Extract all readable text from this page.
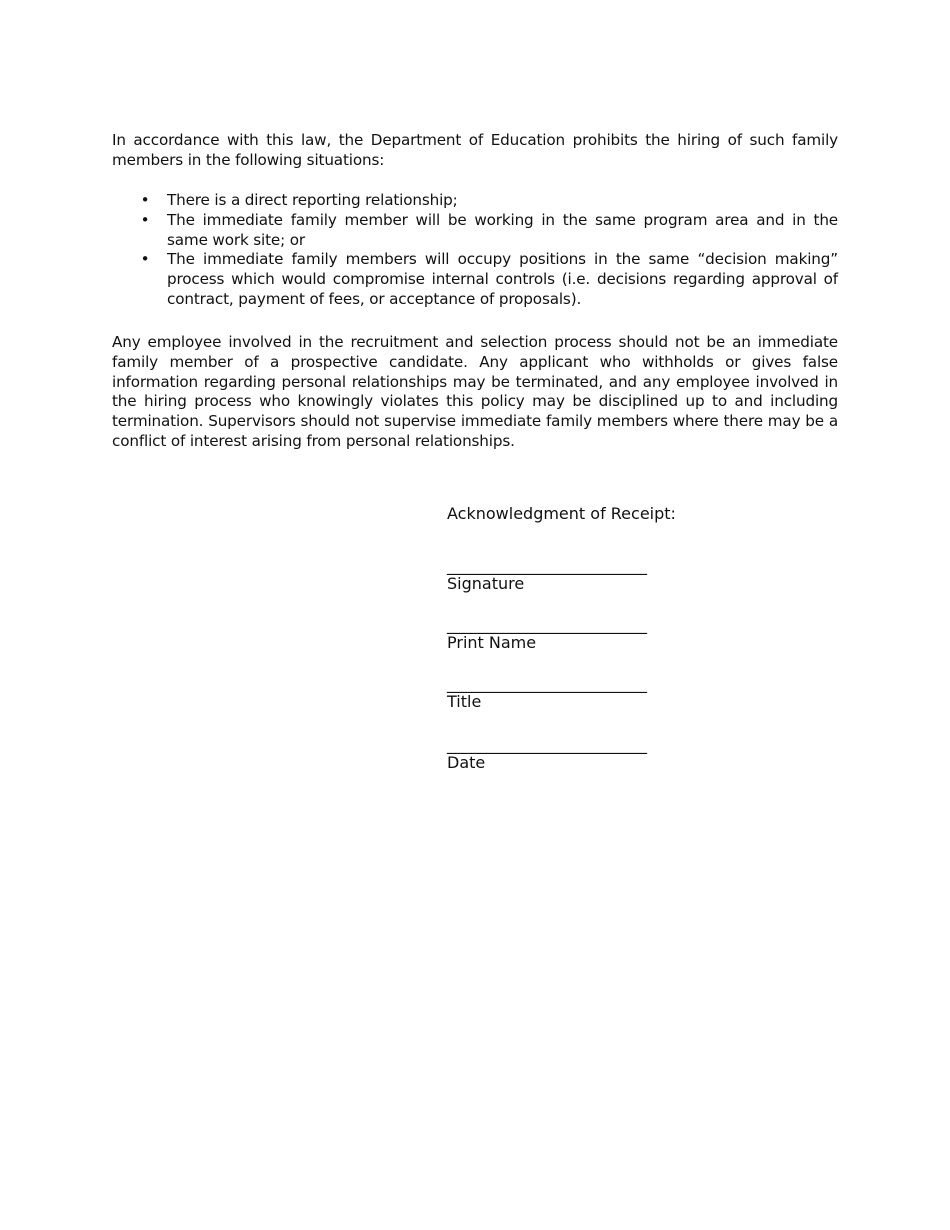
In accordance with this law, the Department of Education prohibits the hiring of such family members in the following situations:

• There is a direct reporting relationship;
• The immediate family member will be working in the same program area and in the same work site; or
• The immediate family members will occupy positions in the same “decision making” process which would compromise internal controls (i.e. decisions regarding approval of contract, payment of fees, or acceptance of proposals).

Any employee involved in the recruitment and selection process should not be an immediate family member of a prospective candidate. Any applicant who withholds or gives false information regarding personal relationships may be terminated, and any employee involved in the hiring process who knowingly violates this policy may be disciplined up to and including termination. Supervisors should not supervise immediate family members where there may be a conflict of interest arising from personal relationships.

Acknowledgment of Receipt:
_________________________
Signature
_________________________
Print Name
_________________________
Title
_________________________
Date
